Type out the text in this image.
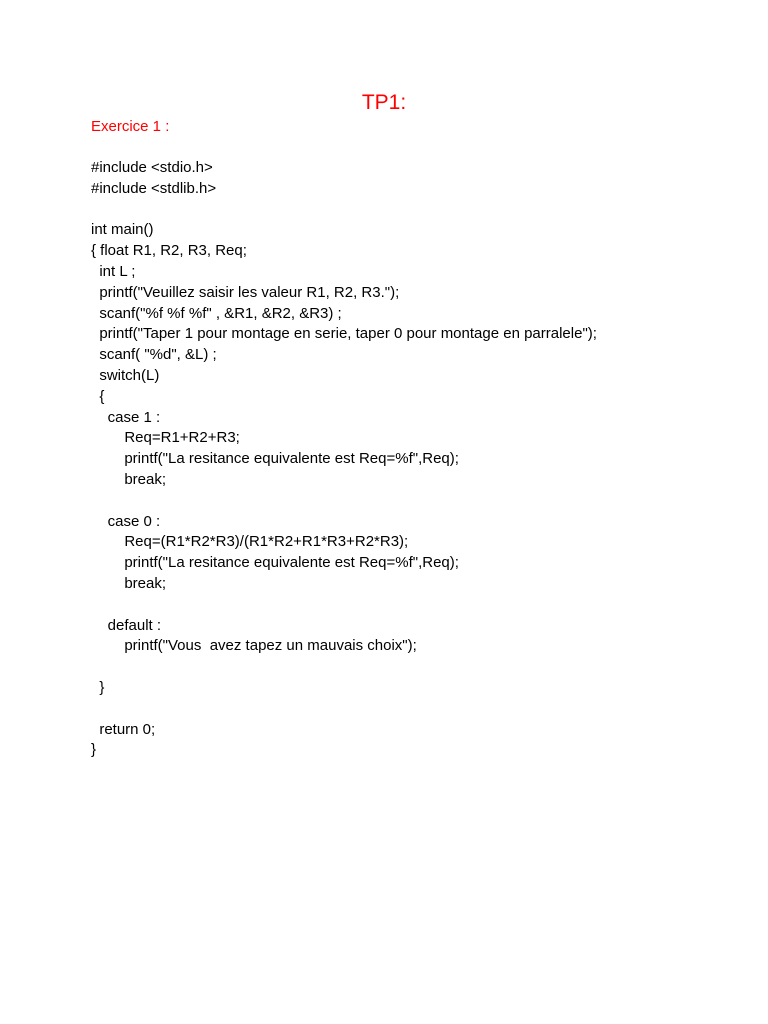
TP1:
Exercice 1 :
#include <stdio.h>
#include <stdlib.h>
int main()
{ float R1, R2, R3, Req;
int L ;
printf("Veuillez saisir les valeur R1, R2, R3.");
scanf("%f %f %f" , &R1, &R2, &R3) ;
printf("Taper 1 pour montage en serie, taper 0 pour montage en parralele");
scanf( "%d", &L) ;
switch(L)
{
case 1 :
Req=R1+R2+R3;
printf("La resitance equivalente est Req=%f",Req);
break;
case 0 :
Req=(R1*R2*R3)/(R1*R2+R1*R3+R2*R3);
printf("La resitance equivalente est Req=%f",Req);
break;
default :
printf("Vous  avez tapez un mauvais choix");
}
return 0;
}
